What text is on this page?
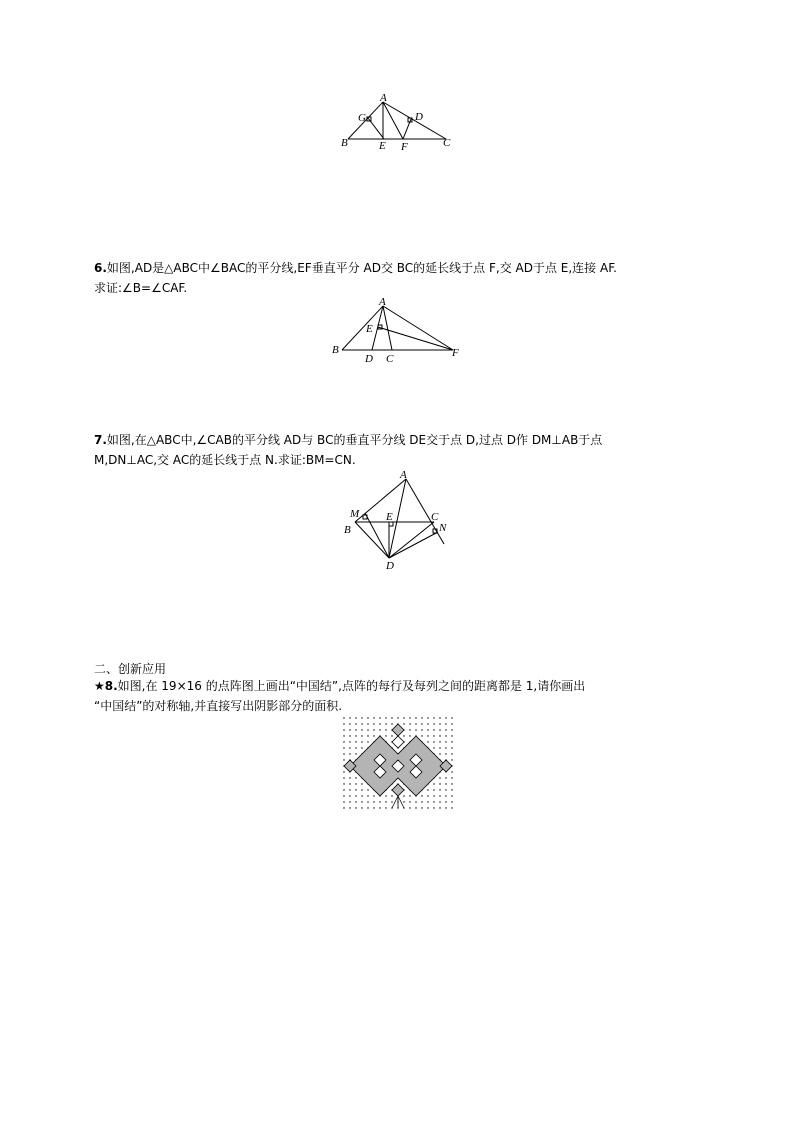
A
G	D
B	E F	C
6.如图,AD是△ABC中∠BAC的平分线,EF垂直平分 AD交 BC的延长线于点 F,交 AD于点 E,连接 AF.
求证:∠B=∠CAF.
A
E
B
D C	F
7.如图,在△ABC中,∠CAB的平分线 AD与 BC的垂直平分线 DE交于点 D,过点 D作 DM⊥AB于点
M,DN⊥AC,交 AC的延长线于点 N.求证:BM=CN.
A
M E	C
N
B
D
二、创新应用
★8.如图,在 19×16 的点阵图上画出“中国结”,点阵的每行及每列之间的距离都是 1,请你画出
“中国结”的对称轴,并直接写出阴影部分的面积.
